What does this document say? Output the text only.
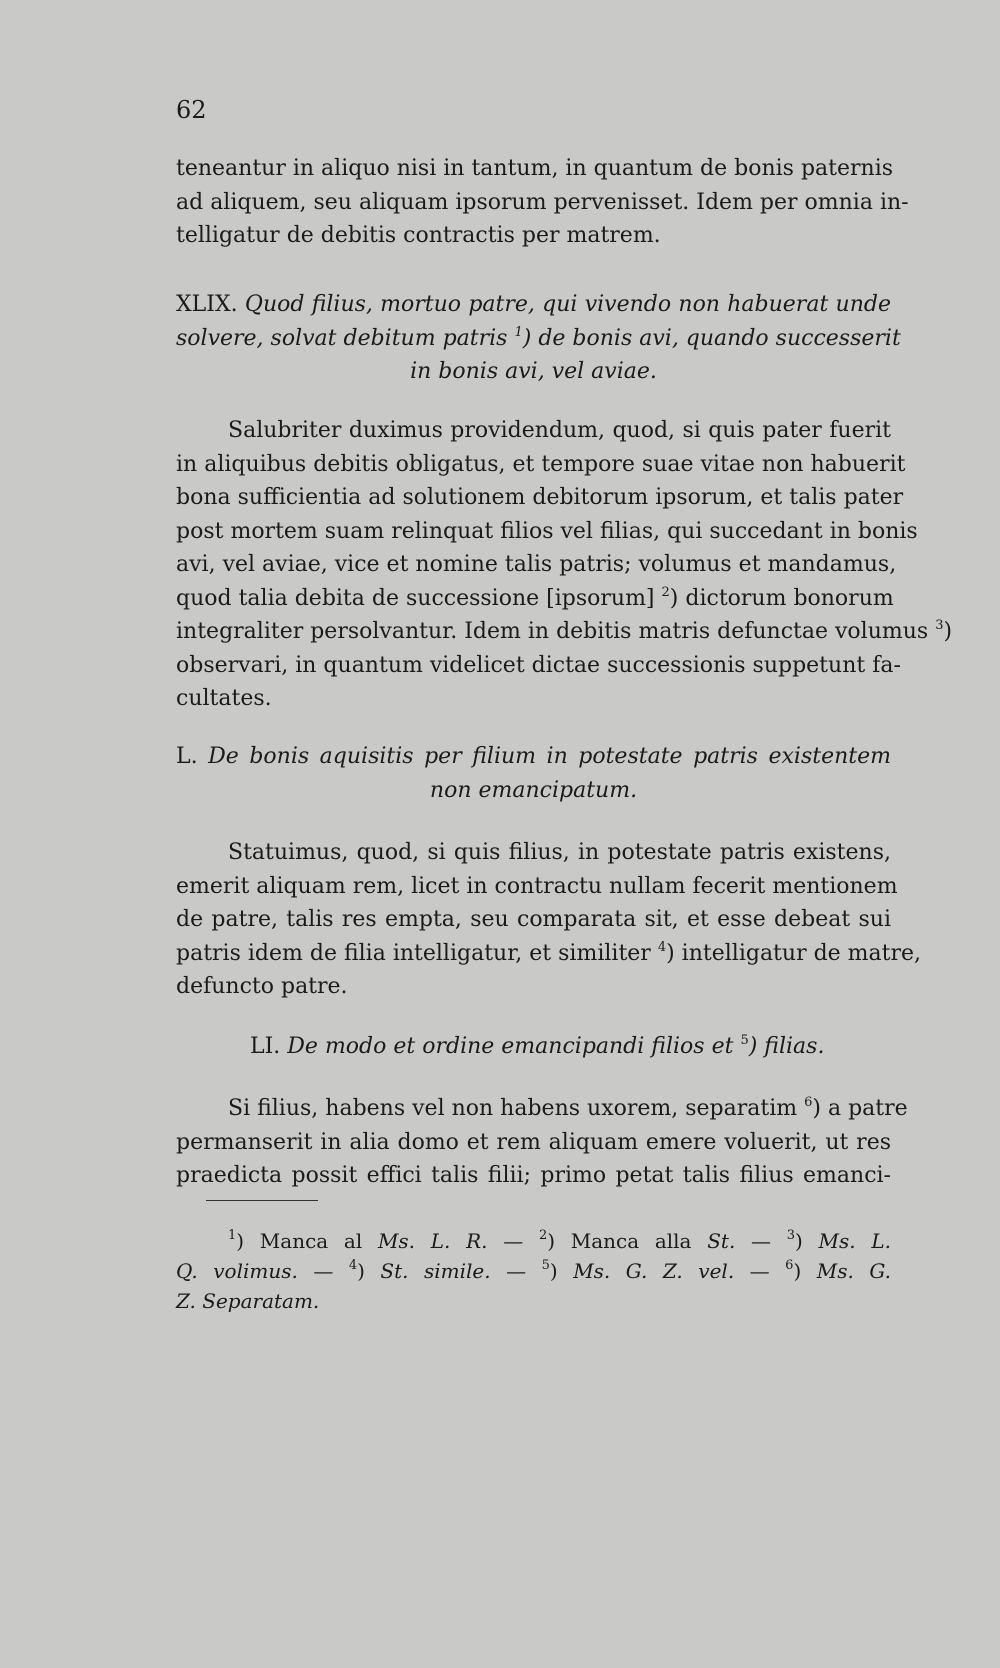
62
teneantur in aliquo nisi in tantum, in quantum de bonis paternis
ad aliquem, seu aliquam ipsorum pervenisset. Idem per omnia in-
telligatur de debitis contractis per matrem.
XLIX. Quod filius, mortuo patre, qui vivendo non habuerat unde
solvere, solvat debitum patris $^1$) de bonis avi, quando successerit
in bonis avi, vel aviae.
Salubriter duximus providendum, quod, si quis pater fuerit
in aliquibus debitis obligatus, et tempore suae vitae non habuerit
bona sufficientia ad solutionem debitorum ipsorum, et talis pater
post mortem suam relinquat filios vel filias, qui succedant in bonis
avi, vel aviae, vice et nomine talis patris; volumus et mandamus,
quod talia debita de successione [ipsorum] $^2$) dictorum bonorum
integraliter persolvantur. Idem in debitis matris defunctae volumus $^3$)
observari, in quantum videlicet dictae successionis suppetunt fa-
cultates.
L. De bonis aquisitis per filium in potestate patris existentem
non emancipatum.
Statuimus, quod, si quis filius, in potestate patris existens,
emerit aliquam rem, licet in contractu nullam fecerit mentionem
de patre, talis res empta, seu comparata sit, et esse debeat sui
patris idem de filia intelligatur, et similiter $^4$) intelligatur de matre,
defuncto patre.
LI. De modo et ordine emancipandi filios et $^5$) filias.
Si filius, habens vel non habens uxorem, separatim $^6$) a patre
permanserit in alia domo et rem aliquam emere voluerit, ut res
praedicta possit effici talis filii; primo petat talis filius emanci-
$^1$) Manca al Ms. L. R. — $^2$) Manca alla St. — $^3$) Ms. L.
Q. volimus. — $^4$) St. simile. — $^5$) Ms. G. Z. vel. — $^6$) Ms. G.
Z. Separatam.
